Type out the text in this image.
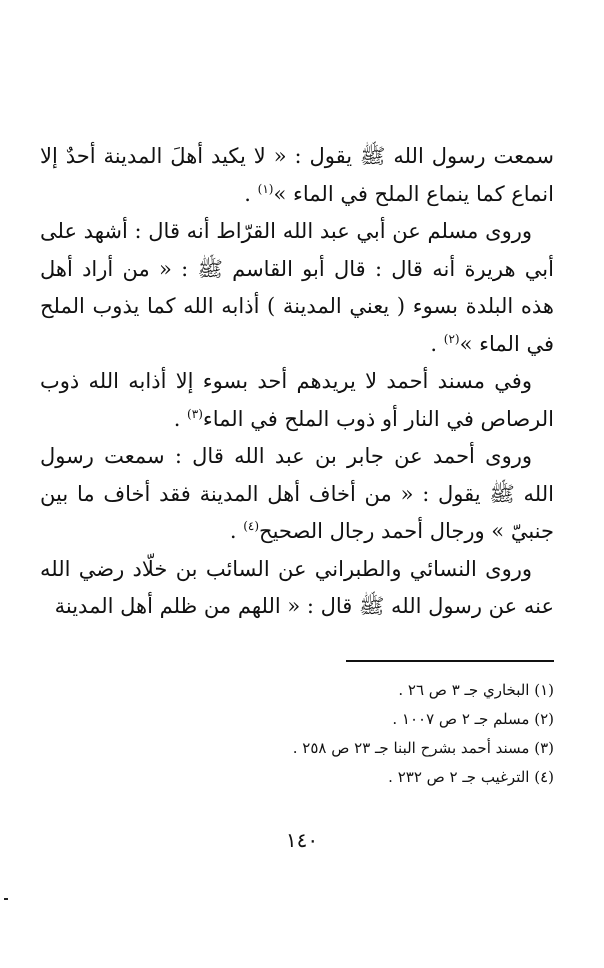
سمعت رسول الله ﷺ يقول : « لا يكيد أهلَ المدينة أحدٌ إلا انماع كما ينماع الملح في الماء »$^{(١)}$ .

وروى مسلم عن أبي عبد الله القرّاط أنه قال : أشهد على أبي هريرة أنه قال : قال أبو القاسم ﷺ : « من أراد أهل هذه البلدة بسوء ( يعني المدينة ) أذابه الله كما يذوب الملح في الماء »$^{(٢)}$ .

وفي مسند أحمد لا يريدهم أحد بسوء إلا أذابه الله ذوب الرصاص في النار أو ذوب الملح في الماء$^{(٣)}$ .

وروى أحمد عن جابر بن عبد الله قال : سمعت رسول الله ﷺ يقول : « من أخاف أهل المدينة فقد أخاف ما بين جنبيّ » ورجال أحمد رجال الصحيح$^{(٤)}$ .

وروى النسائي والطبراني عن السائب بن خلّاد رضي الله عنه عن رسول الله ﷺ قال : « اللهم من ظلم أهل المدينة

(١) البخاري جـ ٣ ص ٢٦ .
(٢) مسلم جـ ٢ ص ١٠٠٧ .
(٣) مسند أحمد بشرح البنا جـ ٢٣ ص ٢٥٨ .
(٤) الترغيب جـ ٢ ص ٢٣٢ .
١٤٠
